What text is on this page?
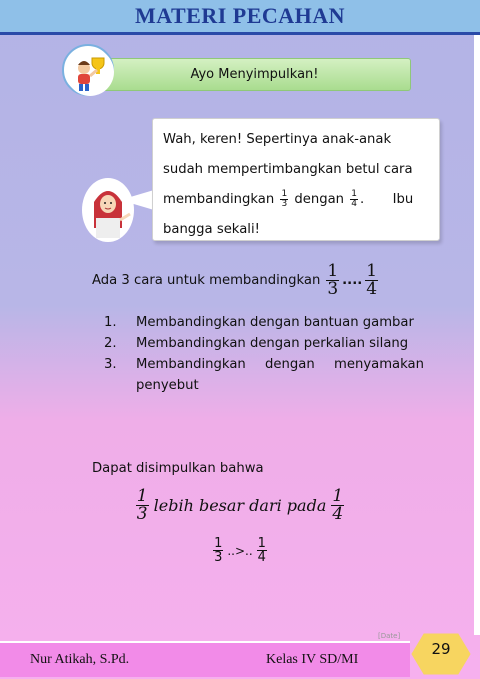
MATERI PECAHAN
Ayo Menyimpulkan!
Wah, keren! Sepertinya anak-anak
sudah mempertimbangkan betul cara
membandingkan $\frac{1}{3}$ dengan $\frac{1}{4}$ . Ibu
bangga sekali!
Ada 3 cara untuk membandingkan $\frac{1}{3}$ .... $\frac{1}{4}$
1.	Membandingkan dengan bantuan gambar
2.	Membandingkan dengan perkalian silang
3.	Membandingkan dengan menyamakan
penyebut
Dapat disimpulkan bahwa
$\frac{1}{3}$ lebih besar dari pada $\frac{1}{4}$
$\frac{1}{3}$ ..>.. $\frac{1}{4}$
[Date]
Nur Atikah, S.Pd.	Kelas IV SD/MI
29
